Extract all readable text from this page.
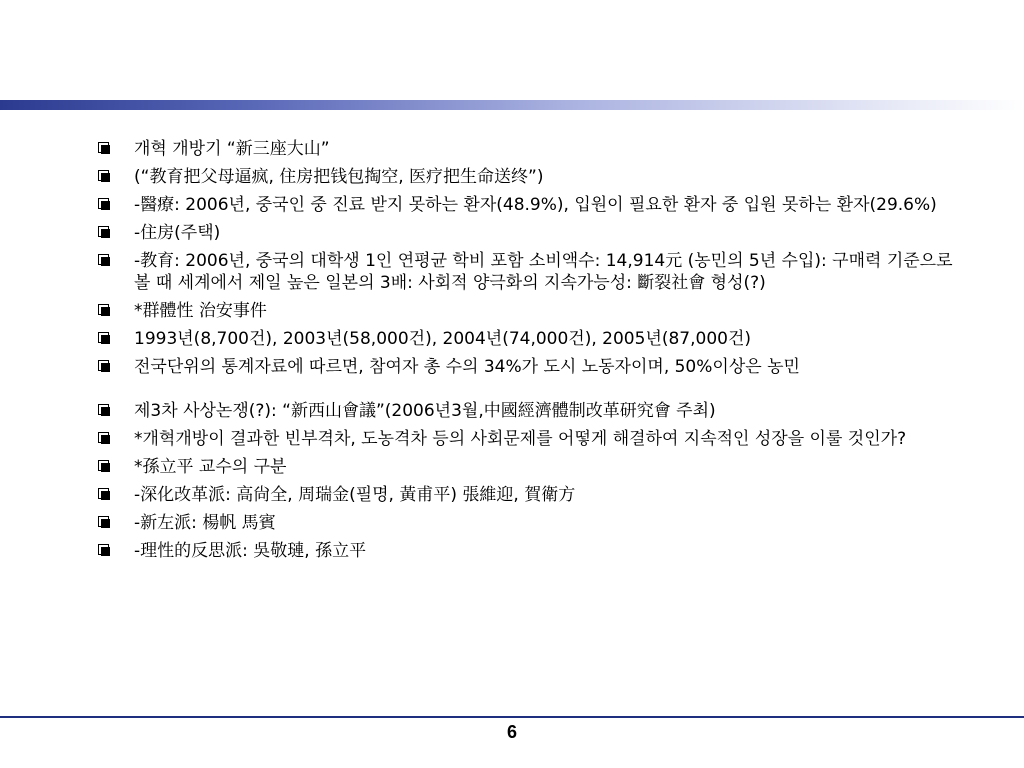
개혁 개방기 “新三座大山”
(“教育把父母逼疯, 住房把钱包掏空, 医疗把生命送终”)
-醫療: 2006년, 중국인 중 진료 받지 못하는 환자(48.9%), 입원이 필요한 환자 중 입원 못하는 환자(29.6%)
-住房(주택)
-教育: 2006년, 중국의 대학생 1인 연평균 학비 포함 소비액수: 14,914元 (농민의 5년 수입): 구매력 기준으로 볼 때 세계에서 제일 높은 일본의 3배: 사회적 양극화의 지속가능성: 斷裂社會 형성(?)
*群體性 治安事件
1993년(8,700건), 2003년(58,000건), 2004년(74,000건), 2005년(87,000건)
전국단위의 통계자료에 따르면, 참여자 총 수의 34%가 도시 노동자이며, 50%이상은 농민
제3차 사상논쟁(?): “新西山會議”(2006년3월,中國經濟體制改革研究會 주최)
*개혁개방이 결과한 빈부격차, 도농격차 등의 사회문제를 어떻게 해결하여 지속적인 성장을 이룰 것인가?
*孫立平 교수의 구분
-深化改革派: 高尙全, 周瑞金(필명, 黃甫平) 張維迎, 賀衛方
-新左派: 楊帆 馬賓
-理性的反思派: 吳敬璉, 孫立平
6
